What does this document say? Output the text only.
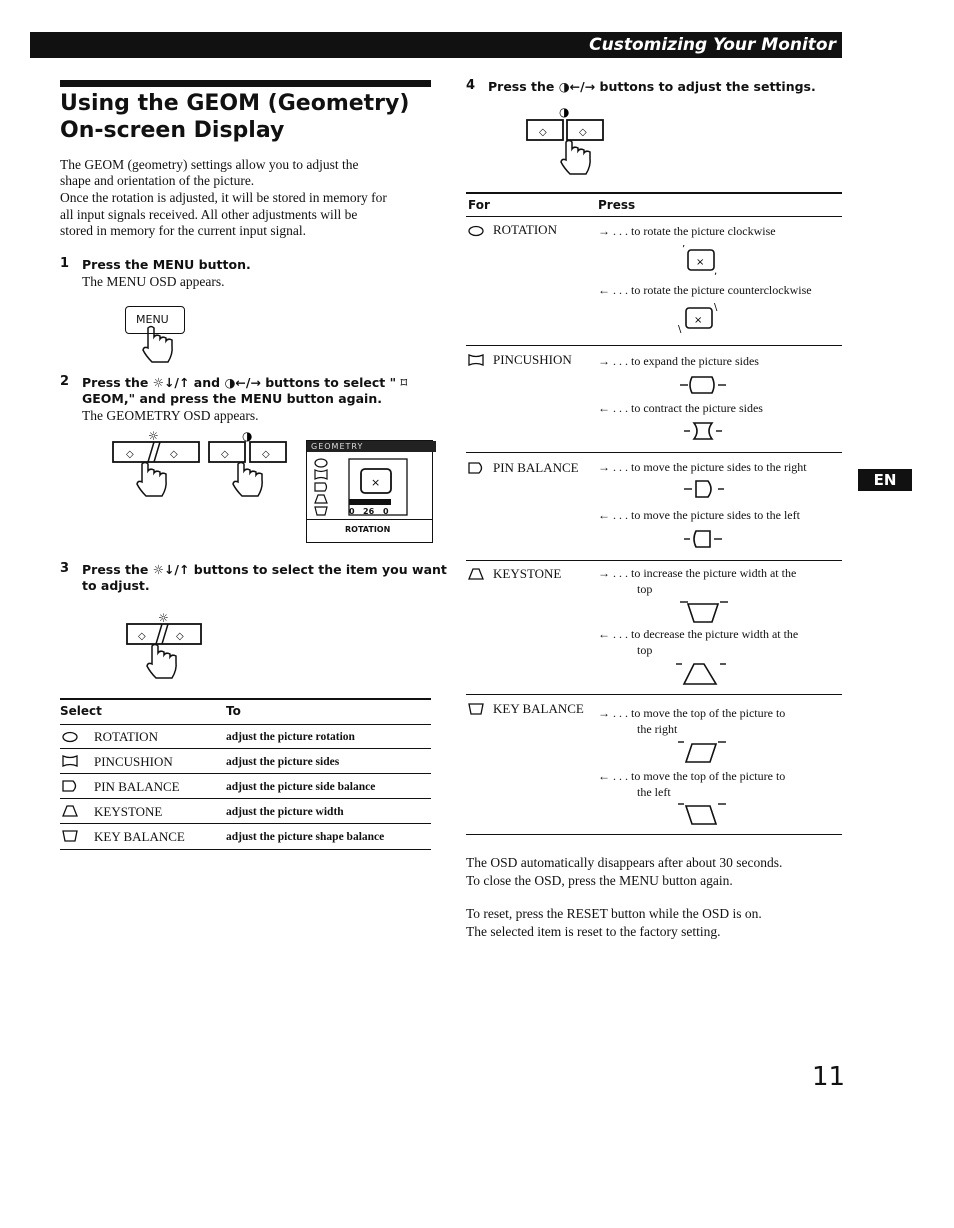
Customizing Your Monitor
Using the GEOM (Geometry) On-screen Display
The GEOM (geometry) settings allow you to adjust the
shape and orientation of the picture.
Once the rotation is adjusted, it will be stored in memory for
all input signals received. All other adjustments will be
stored in memory for the current input signal.
1 Press the MENU button.
The MENU OSD appears.
MENU
2 Press the ☼↓/↑ and ◑←/→ buttons to select " ⌑
GEOM," and press the MENU button again.
The GEOMETRY OSD appears.
☼
◇	◇
◑
◇	◇
GEOMETRY
×
0 26 0
ROTATION
3 Press the ☼↓/↑ buttons to select the item you want
to adjust.
☼
◇	◇
Select	To
ROTATION	adjust the picture rotation
PINCUSHION	adjust the picture sides
PIN BALANCE	adjust the picture side balance
KEYSTONE	adjust the picture width
KEY BALANCE	adjust the picture shape balance
4 Press the ◑←/→ buttons to adjust the settings.
◑
◇	◇
For	Press
ROTATION	→ . . . to rotate the picture clockwise
×
’
,
← . . . to rotate the picture counterclockwise
×
\
\
PINCUSHION → . . . to expand the picture sides
← . . . to contract the picture sides
PIN BALANCE → . . . to move the picture sides to the right
← . . . to move the picture sides to the left
KEYSTONE	→ . . . to increase the picture width at the
top
← . . . to decrease the picture width at the
top
KEY BALANCE → . . . to move the top of the picture to
the right
← . . . to move the top of the picture to
the left
The OSD automatically disappears after about 30 seconds.
To close the OSD, press the MENU button again.
To reset, press the RESET button while the OSD is on.
The selected item is reset to the factory setting.
EN
11
